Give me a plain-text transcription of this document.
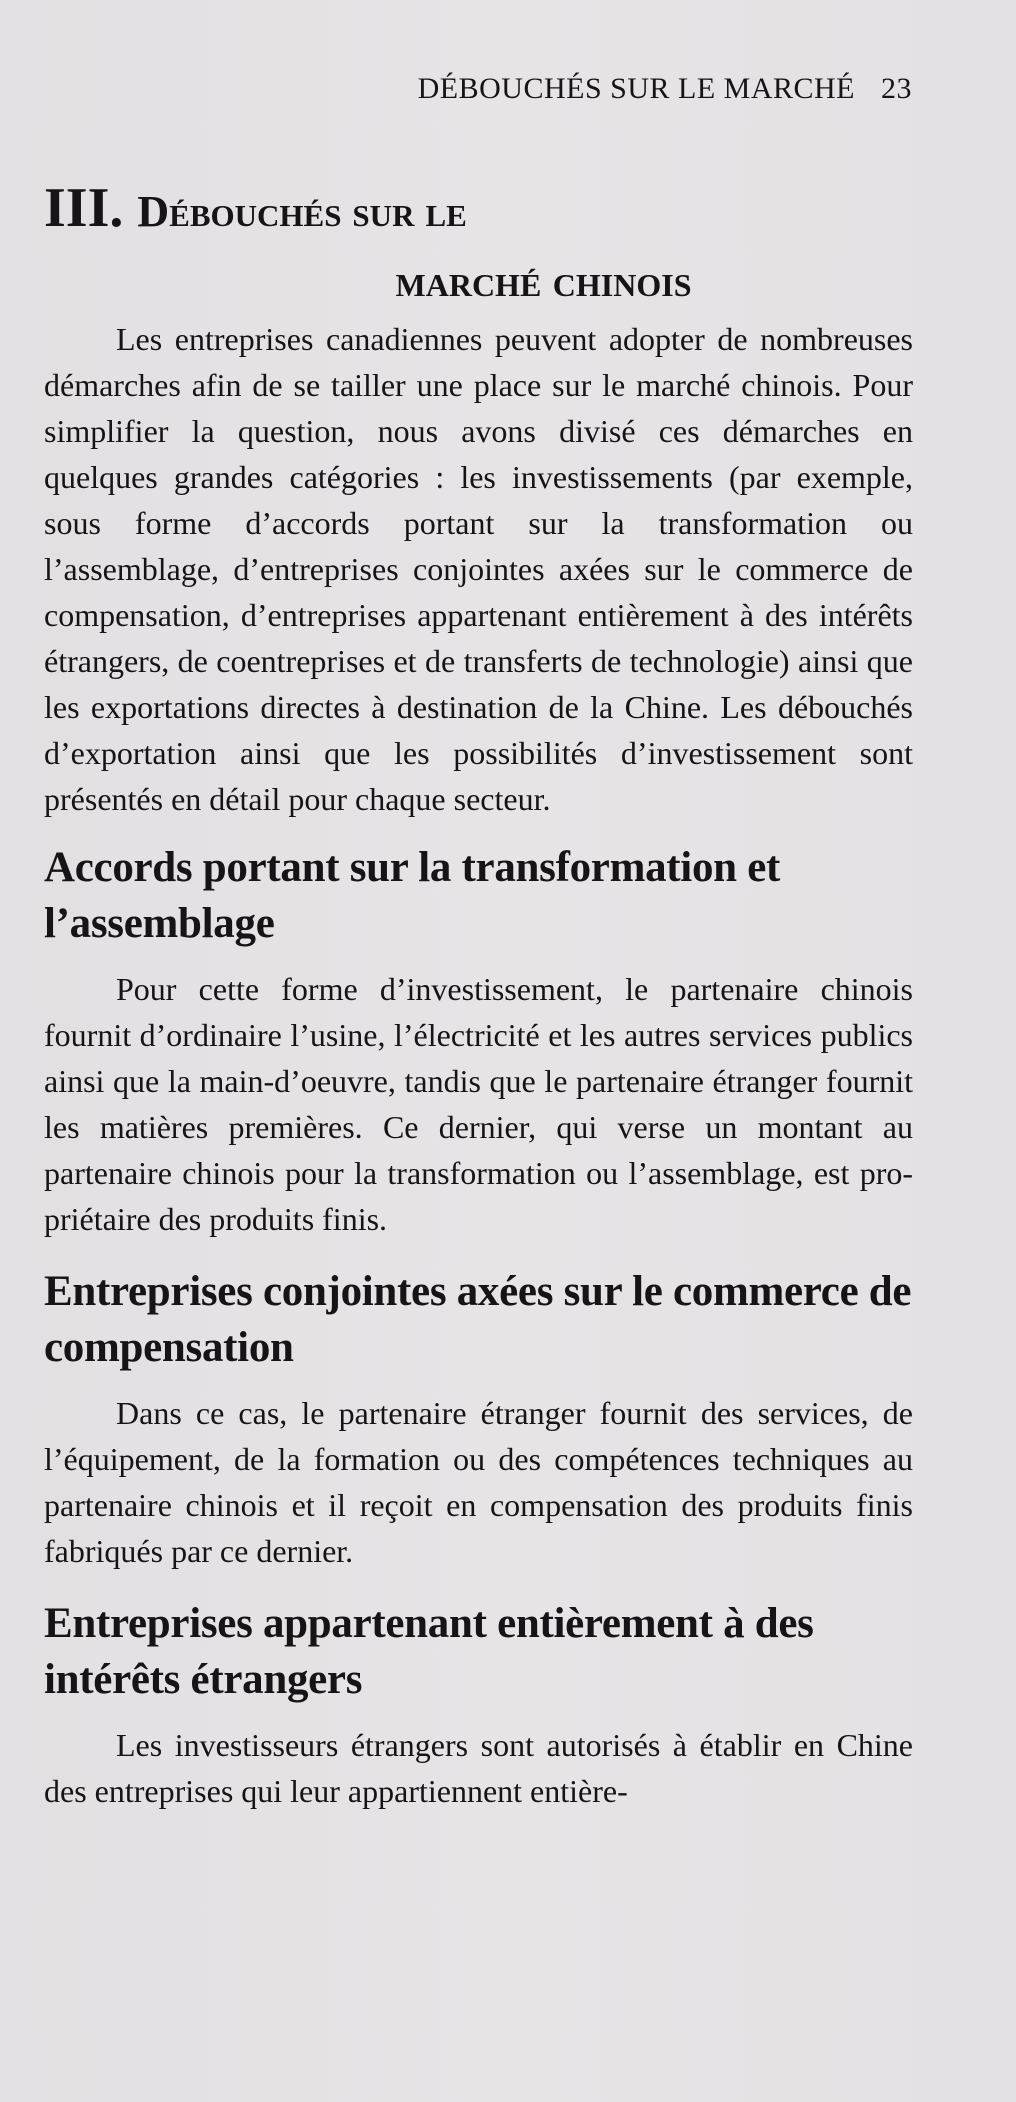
DÉBOUCHÉS SUR LE MARCHÉ 23
III. Débouchés sur le
marché chinois

Les entreprises canadiennes peuvent adopter de nombreuses démarches afin de se tailler une place sur le marché chinois. Pour simplifier la question, nous avons divisé ces démarches en quelques grandes catégories : les investissements (par exemple, sous forme d’accords portant sur la transformation ou l’assemblage, d’entreprises conjointes axées sur le commerce de compensation, d’entreprises appartenant entièrement à des intérêts étrangers, de coentreprises et de transferts de technologie) ainsi que les exportations directes à destination de la Chine. Les débouchés d’exportation ainsi que les possibilités d’investissement sont présentés en détail pour chaque secteur.

Accords portant sur la transformation et l’assemblage

Pour cette forme d’investissement, le partenaire chinois fournit d’ordinaire l’usine, l’électricité et les autres services publics ainsi que la main-d’oeuvre, tandis que le partenaire étranger fournit les matières premières. Ce dernier, qui verse un montant au partenaire chinois pour la transformation ou l’assemblage, est propriétaire des produits finis.

Entreprises conjointes axées sur le commerce de compensation

Dans ce cas, le partenaire étranger fournit des services, de l’équipement, de la formation ou des compétences techniques au partenaire chinois et il reçoit en compensation des produits finis fabriqués par ce dernier.

Entreprises appartenant entièrement à des intérêts étrangers

Les investisseurs étrangers sont autorisés à établir en Chine des entreprises qui leur appartiennent entière-
